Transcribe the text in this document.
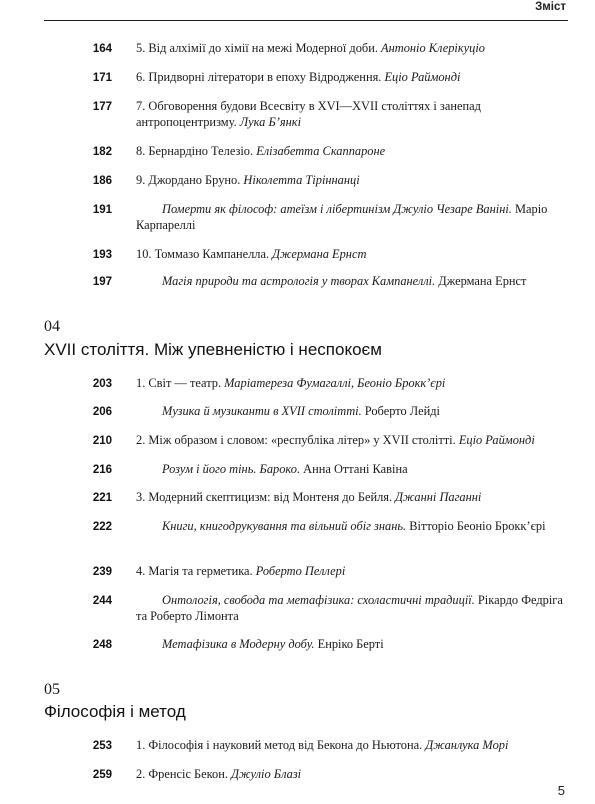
Зміст
164 5. Від алхімії до хімії на межі Модерної доби. Антоніо Клерікуціо
171 6. Придворні літератори в епоху Відродження. Еціо Раймонді
177 7. Обговорення будови Всесвіту в XVI—XVII століттях і занепад антропоцентризму. Лука Б’янкі
182 8. Бернардіно Телезіо. Елізабетта Скаппароне
186 9. Джордано Бруно. Ніколетта Тіріннанці
191	Померти як філософ: атеїзм і лібертинізм Джуліо Чезаре Ваніні. Маріо Карпареллі
193 10. Томмазо Кампанелла. Джермана Ернст
197	Магія природи та астрологія у творах Кампанеллі. Джермана Ернст
04
XVII століття. Між упевненістю і неспокоєм
203 1. Світ — театр. Маріатереза Фумагаллі, Беоніо Брокк’єрі
206	Музика й музиканти в XVII столітті. Роберто Лейді
210 2. Між образом і словом: «республіка літер» у XVII столітті. Еціо Раймонді
216	Розум і його тінь. Бароко. Анна Оттані Кавіна
221 3. Модерний скептицизм: від Монтеня до Бейля. Джанні Паганні
222	Книги, книгодрукування та вільний обіг знань. Вітторіо Беоніо Брокк’єрі
239 4. Магія та герметика. Роберто Пеллері
244	Онтологія, свобода та метафізика: схоластичні традиції. Рікардо Федріга та Роберто Лімонта
248	Метафізика в Модерну добу. Енріко Берті
05
Філософія і метод
253 1. Філософія і науковий метод від Бекона до Ньютона. Джанлука Морі
259 2. Френсіс Бекон. Джуліо Блазі
5
